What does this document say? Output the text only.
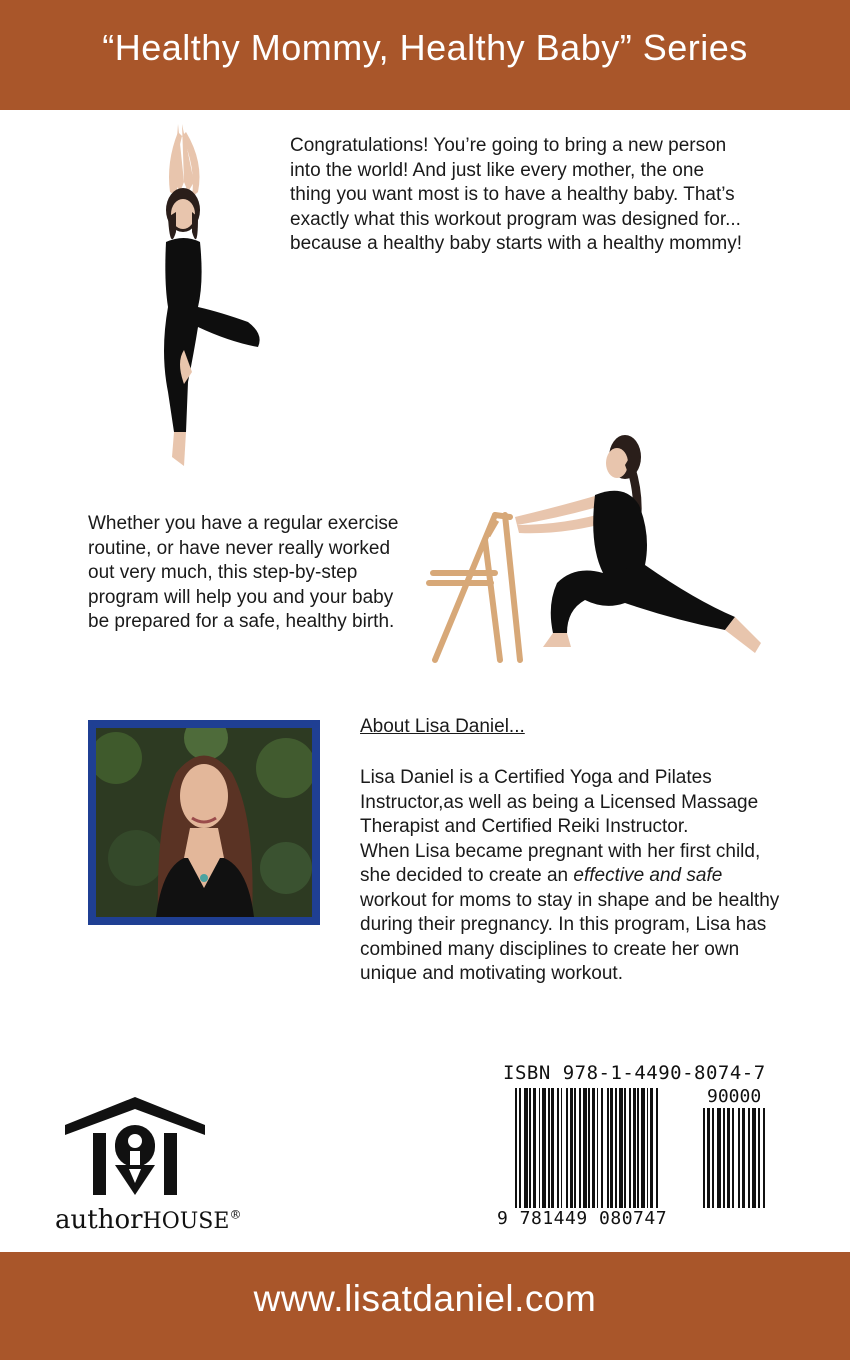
“Healthy Mommy, Healthy Baby” Series

Congratulations! You’re going to bring a new person into the world! And just like every mother, the one thing you want most is to have a healthy baby. That’s exactly what this workout program was designed for... because a healthy baby starts with a healthy mommy!

Whether you have a regular exercise routine, or have never really worked out very much, this step-by-step program will help you and your baby be prepared for a safe, healthy birth.

About Lisa Daniel...

Lisa Daniel is a Certified Yoga and Pilates Instructor,as well as being a Licensed Massage Therapist and Certified Reiki Instructor.
When Lisa became pregnant with her first child, she decided to create an effective and safe workout for moms to stay in shape and be healthy during their pregnancy. In this program, Lisa has combined many disciplines to create her own unique and motivating workout.

authorHOUSE®
ISBN 978-1-4490-8074-7
90000
9 781449 080747
www.lisatdaniel.com
